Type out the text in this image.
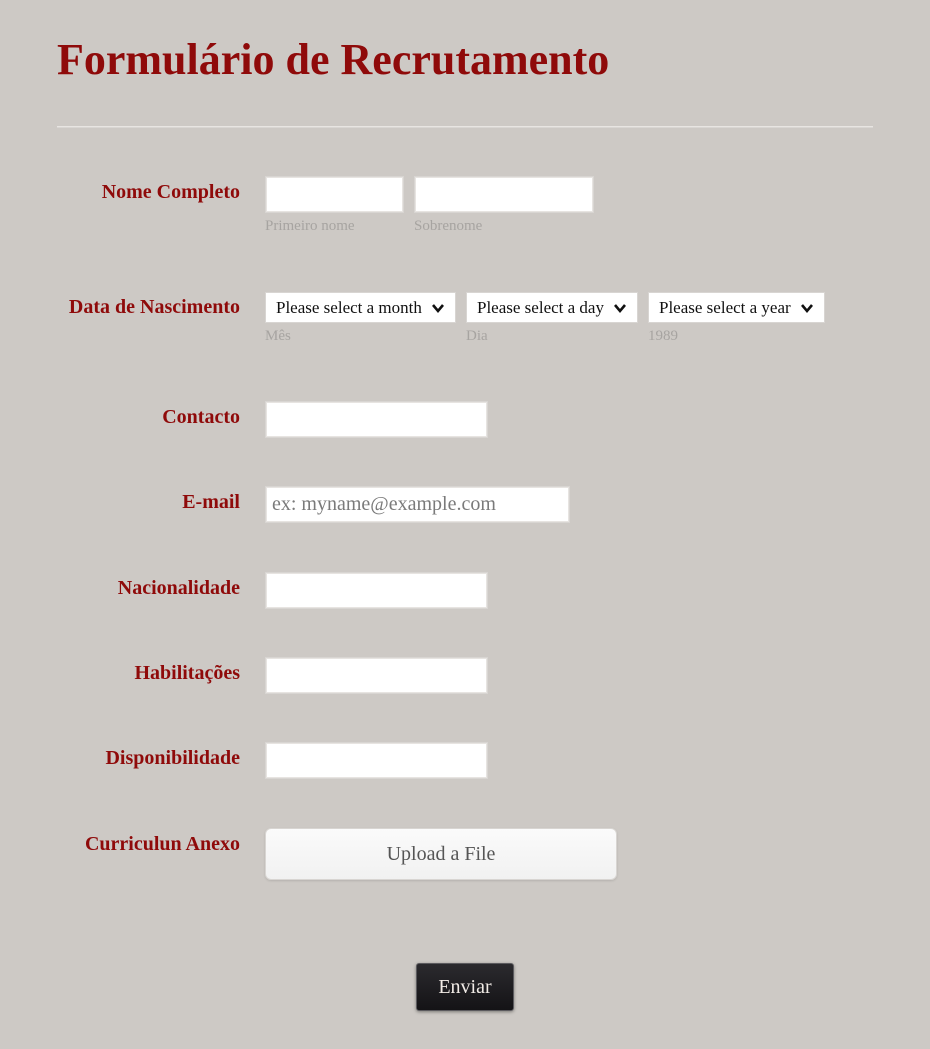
Formulário de Recrutamento
Nome Completo
Primeiro nome	Sobrenome
Data de Nascimento Please select a month	Please select a day	Please select a year
Mês	Dia	1989
Contacto
E-mail
ex: myname@example.com
Nacionalidade
Habilitações
Disponibilidade
Curriculun Anexo	Upload a File
Enviar
